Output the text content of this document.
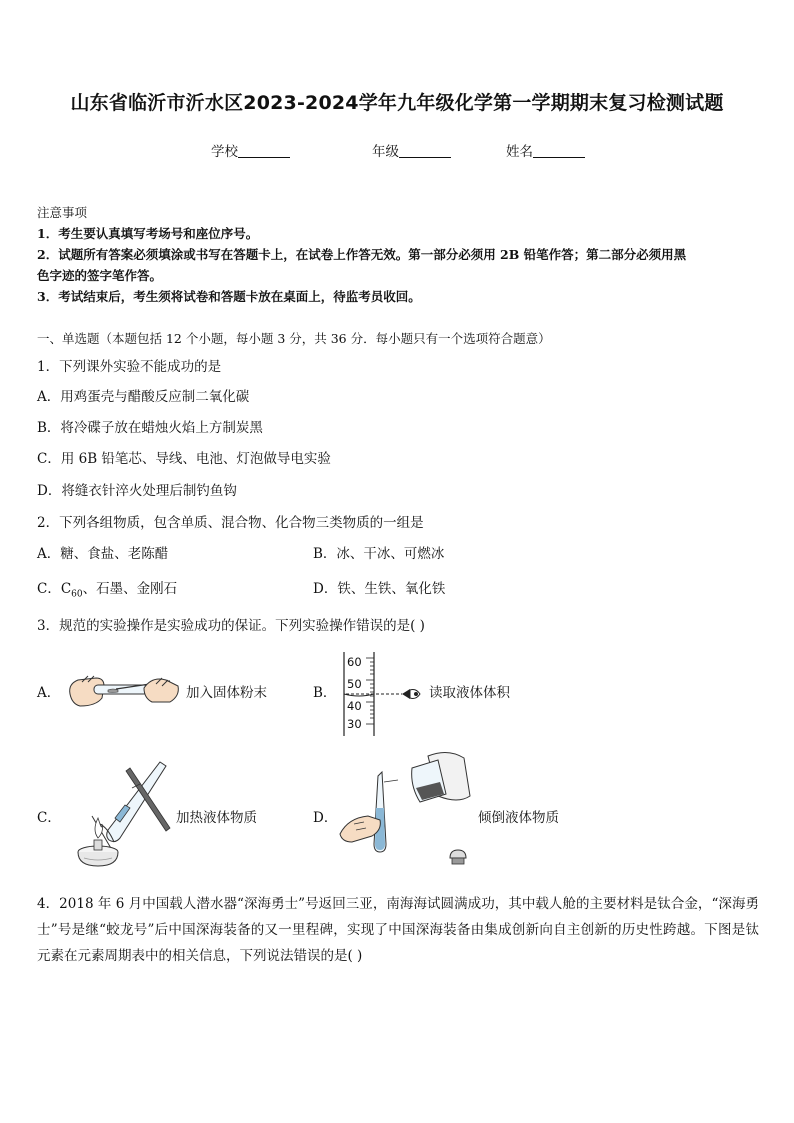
山东省临沂市沂水区2023-2024学年九年级化学第一学期期末复习检测试题
学校	年级	姓名
注意事项
1．考生要认真填写考场号和座位序号。
2．试题所有答案必须填涂或书写在答题卡上，在试卷上作答无效。第一部分必须用 2B 铅笔作答；第二部分必须用黑
色字迹的签字笔作答。
3．考试结束后，考生须将试卷和答题卡放在桌面上，待监考员收回。
一、单选题（本题包括 12 个小题，每小题 3 分，共 36 分．每小题只有一个选项符合题意）
1．下列课外实验不能成功的是
A．用鸡蛋壳与醋酸反应制二氧化碳
B．将冷碟子放在蜡烛火焰上方制炭黑
C．用 6B 铅笔芯、导线、电池、灯泡做导电实验
D．将缝衣针淬火处理后制钓鱼钩
2．下列各组物质，包含单质、混合物、化合物三类物质的一组是
A．糖、食盐、老陈醋	B．冰、干冰、可燃冰
C．$C_{60}$、石墨、金刚石	D．铁、生铁、氧化铁
3．规范的实验操作是实验成功的保证。下列实验操作错误的是( )
A．	加入固体粉末	B．
60
50
40
30
读取液体体积
C．	加热液体物质	D．	倾倒液体物质
4．2018 年 6 月中国载人潜水器“深海勇士”号返回三亚，南海海试圆满成功，其中载人舱的主要材料是钛合金，“深海勇士”号是继“蛟龙号”后中国深海装备的又一里程碑，实现了中国深海装备由集成创新向自主创新的历史性跨越。下图是钛元素在元素周期表中的相关信息，下列说法错误的是( )
